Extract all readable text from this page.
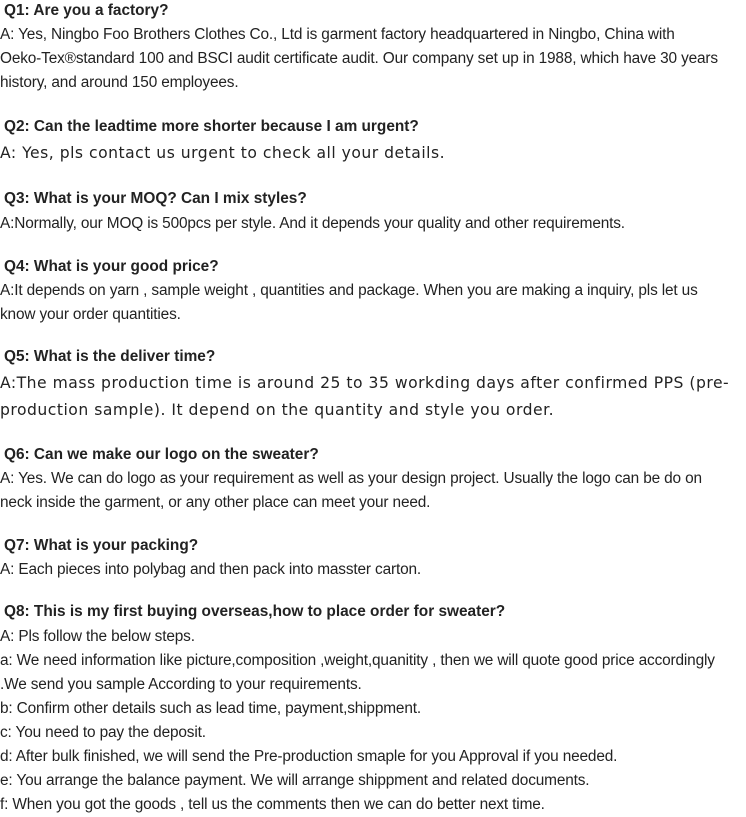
Q1: Are you a factory?
A: Yes, Ningbo Foo Brothers Clothes Co., Ltd is garment factory headquartered in Ningbo, China with
Oeko-Tex®standard 100 and BSCI audit certificate audit. Our company set up in 1988, which have 30 years
history, and around 150 employees.
Q2: Can the leadtime more shorter because I am urgent?
A: Yes, pls contact us urgent to check all your details.
Q3: What is your MOQ? Can I mix styles?
A:Normally, our MOQ is 500pcs per style. And it depends your quality and other requirements.
Q4: What is your good price?
A:It depends on yarn , sample weight , quantities and package. When you are making a inquiry, pls let us
know your order quantities.
Q5: What is the deliver time?
A:The mass production time is around 25 to 35 workding days after confirmed PPS (pre-
production sample). It depend on the quantity and style you order.
Q6: Can we make our logo on the sweater?
A: Yes. We can do logo as your requirement as well as your design project. Usually the logo can be do on
neck inside the garment, or any other place can meet your need.
Q7: What is your packing?
A: Each pieces into polybag and then pack into masster carton.
Q8: This is my first buying overseas,how to place order for sweater?
A: Pls follow the below steps.
a: We need information like picture,composition ,weight,quanitity , then we will quote good price accordingly
.We send you sample According to your requirements.
b: Confirm other details such as lead time, payment,shippment.
c: You need to pay the deposit.
d: After bulk finished, we will send the Pre-production smaple for you Approval if you needed.
e: You arrange the balance payment. We will arrange shippment and related documents.
f: When you got the goods , tell us the comments then we can do better next time.
